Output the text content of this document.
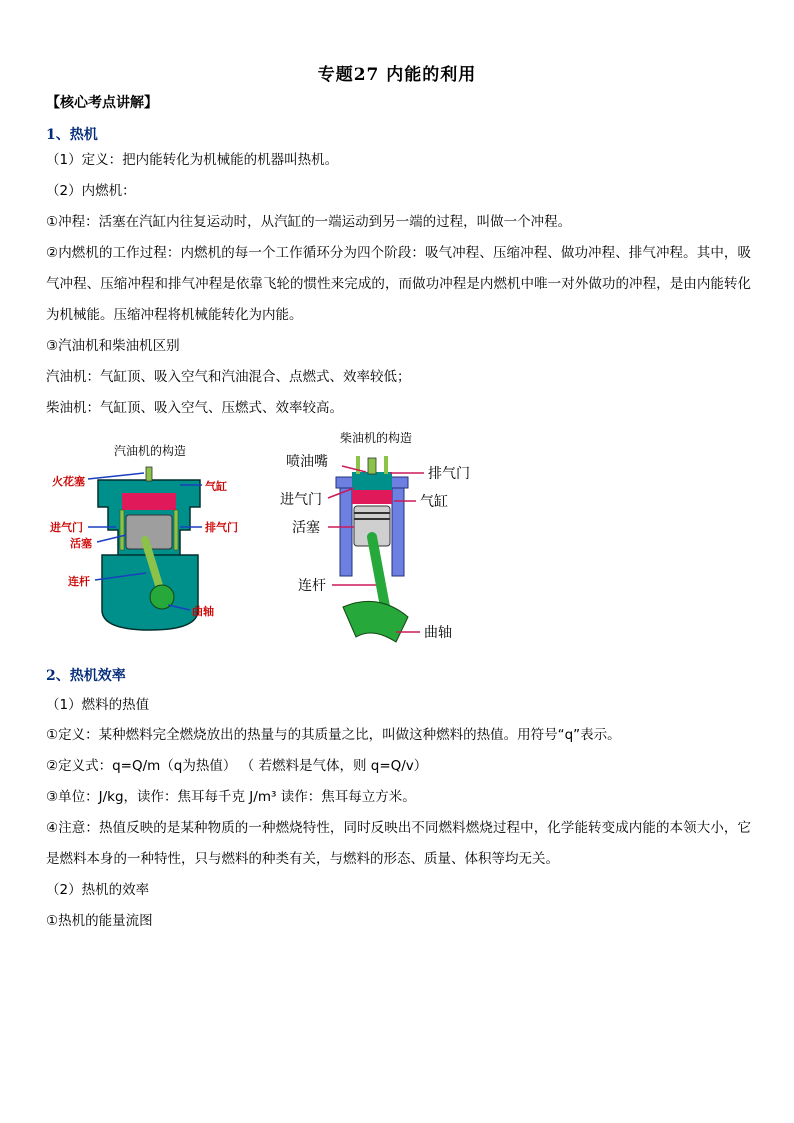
专题27 内能的利用
【核心考点讲解】
1、热机
（1）定义：把内能转化为机械能的机器叫热机。
（2）内燃机：
①冲程：活塞在汽缸内往复运动时，从汽缸的一端运动到另一端的过程，叫做一个冲程。
②内燃机的工作过程：内燃机的每一个工作循环分为四个阶段：吸气冲程、压缩冲程、做功冲程、排气冲程。其中，吸气冲程、压缩冲程和排气冲程是依靠飞轮的惯性来完成的，而做功冲程是内燃机中唯一对外做功的冲程，是由内能转化为机械能。压缩冲程将机械能转化为内能。
③汽油机和柴油机区别
汽油机：气缸顶、吸入空气和汽油混合、点燃式、效率较低；
柴油机：气缸顶、吸入空气、压燃式、效率较高。
汽油机的构造
火花塞	气缸
进气门	排气门
活塞
连杆
曲轴
柴油机的构造
喷油嘴
排气门
进气门	气缸
活塞
连杆
曲轴
2、热机效率
（1）燃料的热值
①定义：某种燃料完全燃烧放出的热量与的其质量之比，叫做这种燃料的热值。用符号“q”表示。
②定义式：q=Q/m（q为热值） （ 若燃料是气体，则 q=Q/v）
③单位：J/kg，读作：焦耳每千克 J/m³ 读作：焦耳每立方米。
④注意：热值反映的是某种物质的一种燃烧特性，同时反映出不同燃料燃烧过程中，化学能转变成内能的本领大小，它是燃料本身的一种特性，只与燃料的种类有关，与燃料的形态、质量、体积等均无关。
（2）热机的效率
①热机的能量流图
